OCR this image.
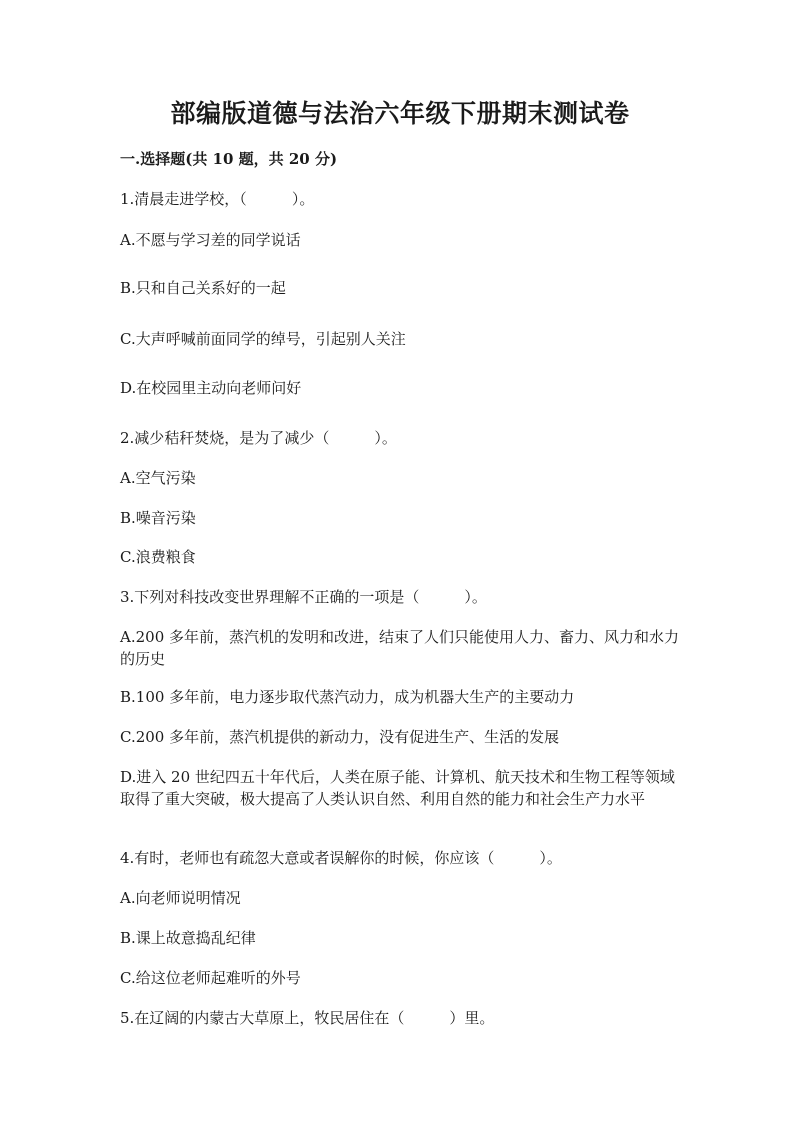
部编版道德与法治六年级下册期末测试卷

一.选择题(共 10 题，共 20 分)

1.清晨走进学校，（　　　）。

A.不愿与学习差的同学说话

B.只和自己关系好的一起

C.大声呼喊前面同学的绰号，引起别人关注

D.在校园里主动向老师问好

2.减少秸秆焚烧，是为了减少（　　　）。

A.空气污染

B.噪音污染

C.浪费粮食

3.下列对科技改变世界理解不正确的一项是（　　　）。

A.200 多年前，蒸汽机的发明和改进，结束了人们只能使用人力、畜力、风力和水力的历史

B.100 多年前，电力逐步取代蒸汽动力，成为机器大生产的主要动力

C.200 多年前，蒸汽机提供的新动力，没有促进生产、生活的发展

D.进入 20 世纪四五十年代后，人类在原子能、计算机、航天技术和生物工程等领域取得了重大突破，极大提高了人类认识自然、利用自然的能力和社会生产力水平

4.有时，老师也有疏忽大意或者误解你的时候，你应该（　　　）。

A.向老师说明情况

B.课上故意捣乱纪律

C.给这位老师起难听的外号

5.在辽阔的内蒙古大草原上，牧民居住在（　　　）里。
